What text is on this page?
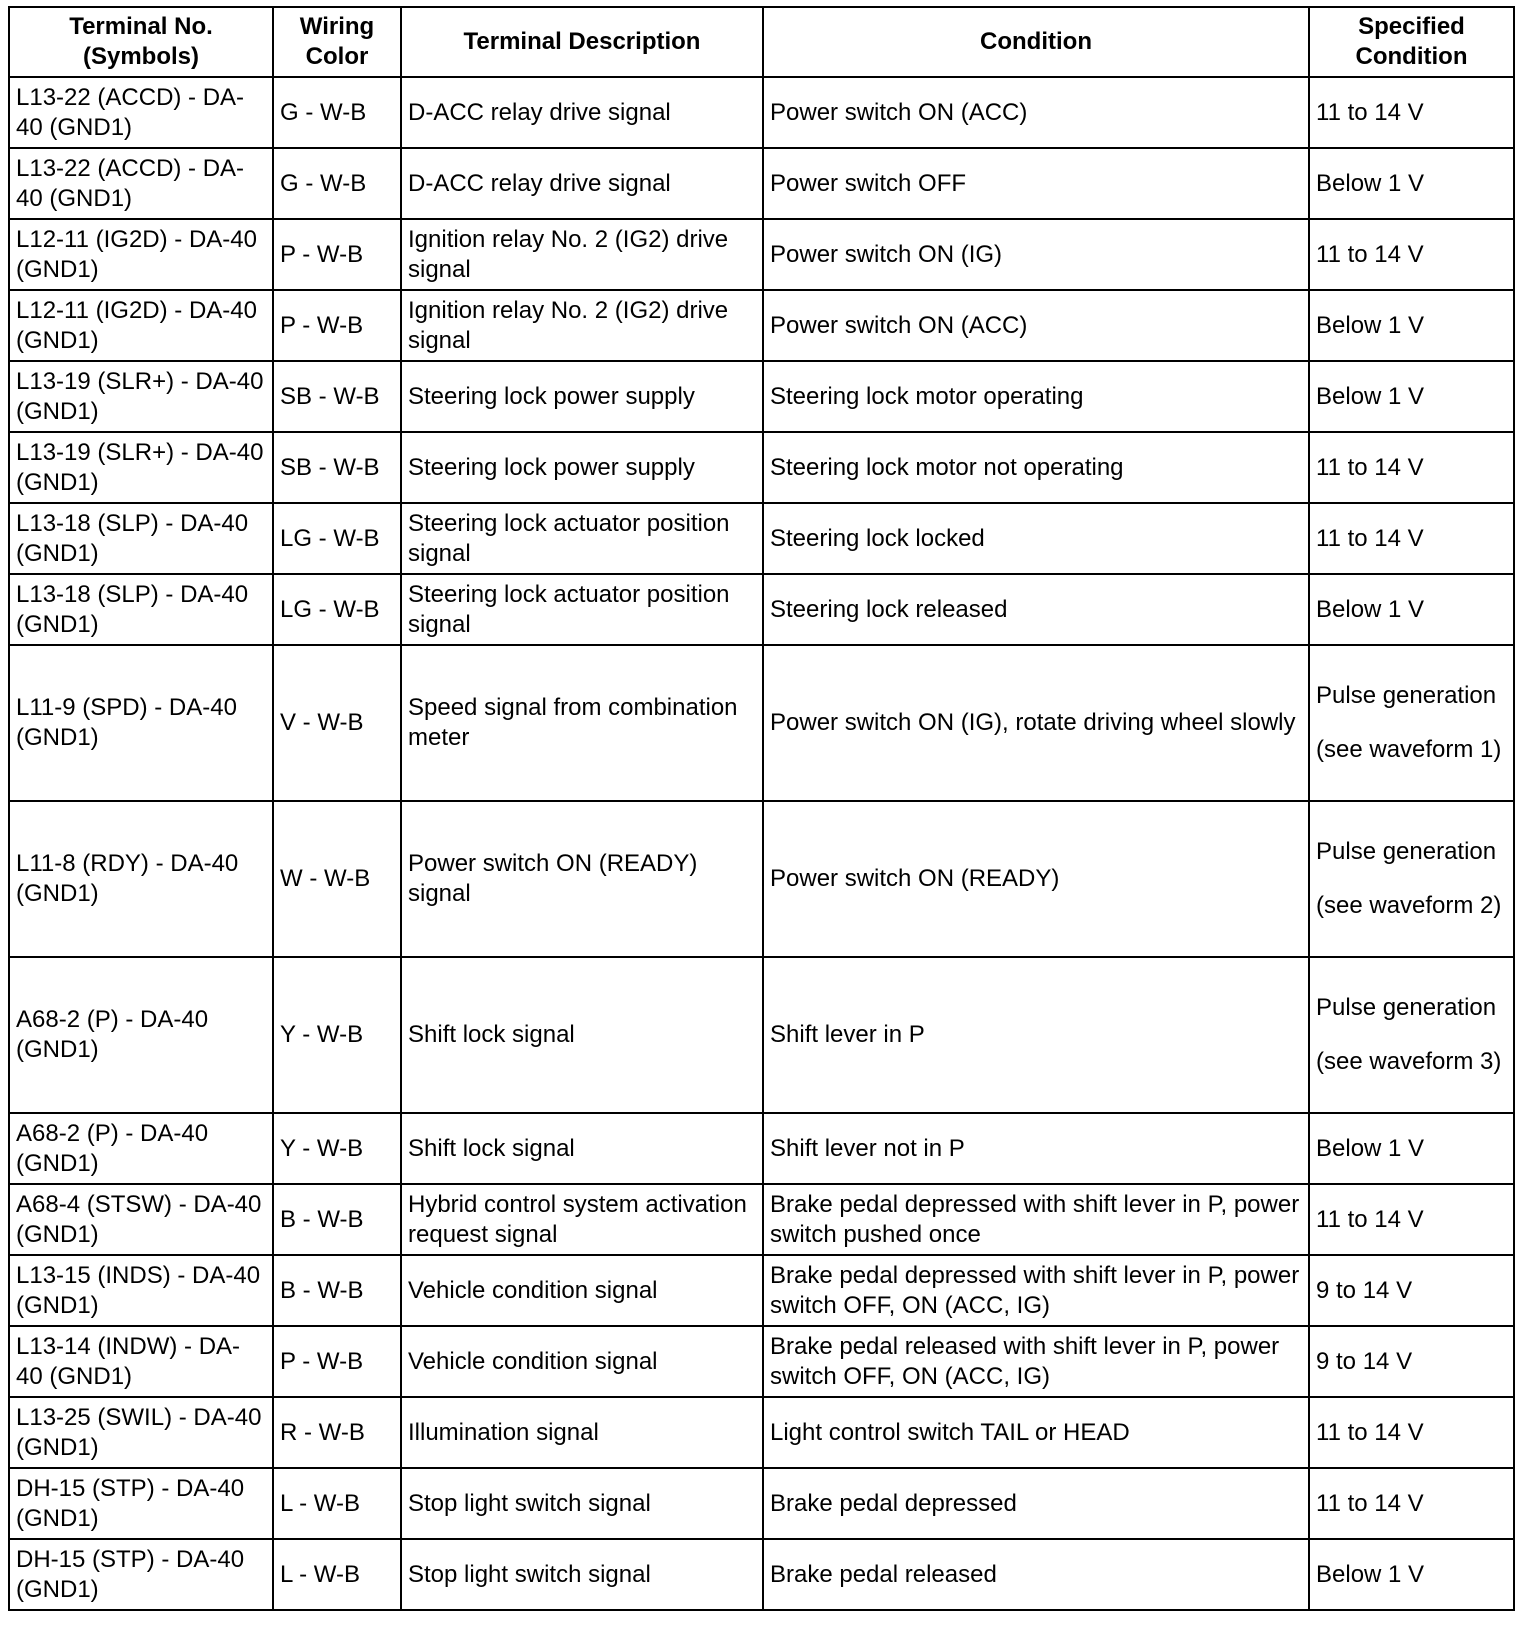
Terminal No. (Symbols)	Wiring Color	Terminal Description	Condition	Specified Condition

L13-22 (ACCD) - DA-40 (GND1)	G - W-B	D-ACC relay drive signal	Power switch ON (ACC)	11 to 14 V

L13-22 (ACCD) - DA-40 (GND1)	G - W-B	D-ACC relay drive signal	Power switch OFF	Below 1 V

L12-11 (IG2D) - DA-40 (GND1)	P - W-B	Ignition relay No. 2 (IG2) drive signal	Power switch ON (IG)	11 to 14 V

L12-11 (IG2D) - DA-40 (GND1)	P - W-B	Ignition relay No. 2 (IG2) drive signal	Power switch ON (ACC)	Below 1 V

L13-19 (SLR+) - DA-40 (GND1)	SB - W-B	Steering lock power supply	Steering lock motor operating	Below 1 V

L13-19 (SLR+) - DA-40 (GND1)	SB - W-B	Steering lock power supply	Steering lock motor not operating	11 to 14 V

L13-18 (SLP) - DA-40 (GND1)	LG - W-B	Steering lock actuator position signal	Steering lock locked	11 to 14 V

L13-18 (SLP) - DA-40 (GND1)	LG - W-B	Steering lock actuator position signal	Steering lock released	Below 1 V

L11-9 (SPD) - DA-40 (GND1)	V - W-B	Speed signal from combination meter	Power switch ON (IG), rotate driving wheel slowly	Pulse generation
(see waveform 1)

L11-8 (RDY) - DA-40 (GND1)	W - W-B	Power switch ON (READY) signal	Power switch ON (READY)	Pulse generation
(see waveform 2)

A68-2 (P) - DA-40 (GND1)	Y - W-B	Shift lock signal	Shift lever in P	Pulse generation
(see waveform 3)

A68-2 (P) - DA-40 (GND1)	Y - W-B	Shift lock signal	Shift lever not in P	Below 1 V

A68-4 (STSW) - DA-40 (GND1)	B - W-B	Hybrid control system activation request signal	Brake pedal depressed with shift lever in P, power switch pushed once	11 to 14 V

L13-15 (INDS) - DA-40 (GND1)	B - W-B	Vehicle condition signal	Brake pedal depressed with shift lever in P, power switch OFF, ON (ACC, IG)	9 to 14 V

L13-14 (INDW) - DA-40 (GND1)	P - W-B	Vehicle condition signal	Brake pedal released with shift lever in P, power switch OFF, ON (ACC, IG)	9 to 14 V

L13-25 (SWIL) - DA-40 (GND1)	R - W-B	Illumination signal	Light control switch TAIL or HEAD	11 to 14 V

DH-15 (STP) - DA-40 (GND1)	L - W-B	Stop light switch signal	Brake pedal depressed	11 to 14 V

DH-15 (STP) - DA-40 (GND1)	L - W-B	Stop light switch signal	Brake pedal released	Below 1 V
